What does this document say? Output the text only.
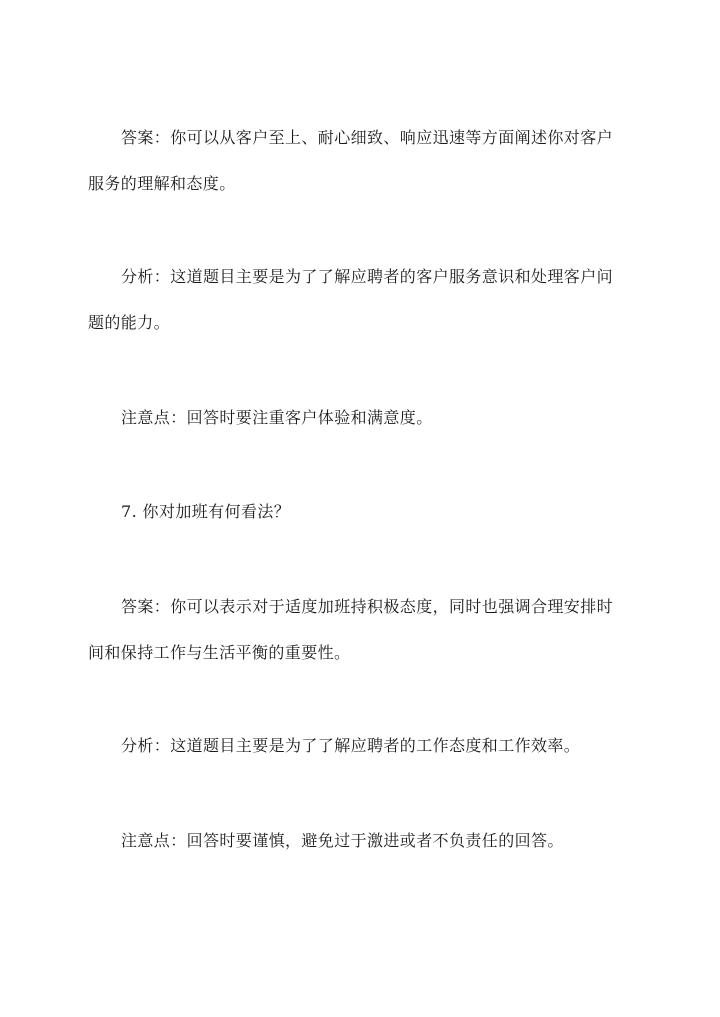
答案：你可以从客户至上、耐心细致、响应迅速等方面阐述你对客户
服务的理解和态度。

分析：这道题目主要是为了了解应聘者的客户服务意识和处理客户问
题的能力。

注意点：回答时要注重客户体验和满意度。

7. 你对加班有何看法？

答案：你可以表示对于适度加班持积极态度，同时也强调合理安排时
间和保持工作与生活平衡的重要性。

分析：这道题目主要是为了了解应聘者的工作态度和工作效率。

注意点：回答时要谨慎，避免过于激进或者不负责任的回答。
